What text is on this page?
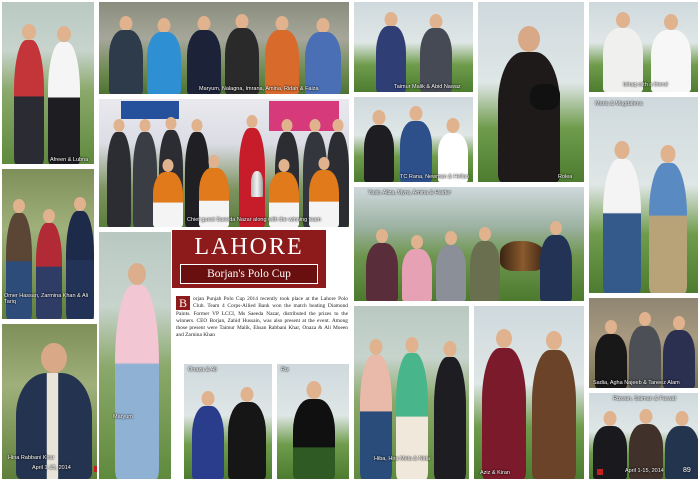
Afreen & Lubna
Maryum, Nalagna, Imrana, Amina, Ridah & Faiza	Taimur Malik & Abid Nawaz
Rolea
Ishaq with a friend
Maria & Magdalena
Chief guest Saeeda Nazar along with the winning team
TC Rana, Newman & Hellan
Omer Hassan, Zarmina Khan & Ali Tariq
Hina Rabbani Khar
April 1-15, 2014
Maryum
LAHORE
Borjan's Polo Cup
B	orjan Punjab Polo Cup 2014 recently took place at the Lahore Polo Club. Team 4 Corps-Allied Bank won the match beating Diamond Paints. Former VP LCCI, Ms Saeeda Nazar, distributed the prizes to the winners. CEO Borjan, Zahid Hussain, was also present at the event. Among those present were Taimur Malik, Ehsan Rabbani Khar, Onaza & Ali Moeen and Zarnina Khan
Onaza & Ali	Riz
Yasir, Aliza, Myra, Amina & Haider
Hiba, Hira Mela & Nida
Aziz & Kiran
Sadia, Agha Najeeb & Taneez Alam
Rizwan, Salman & Fawad
April 1-15, 2014	89
